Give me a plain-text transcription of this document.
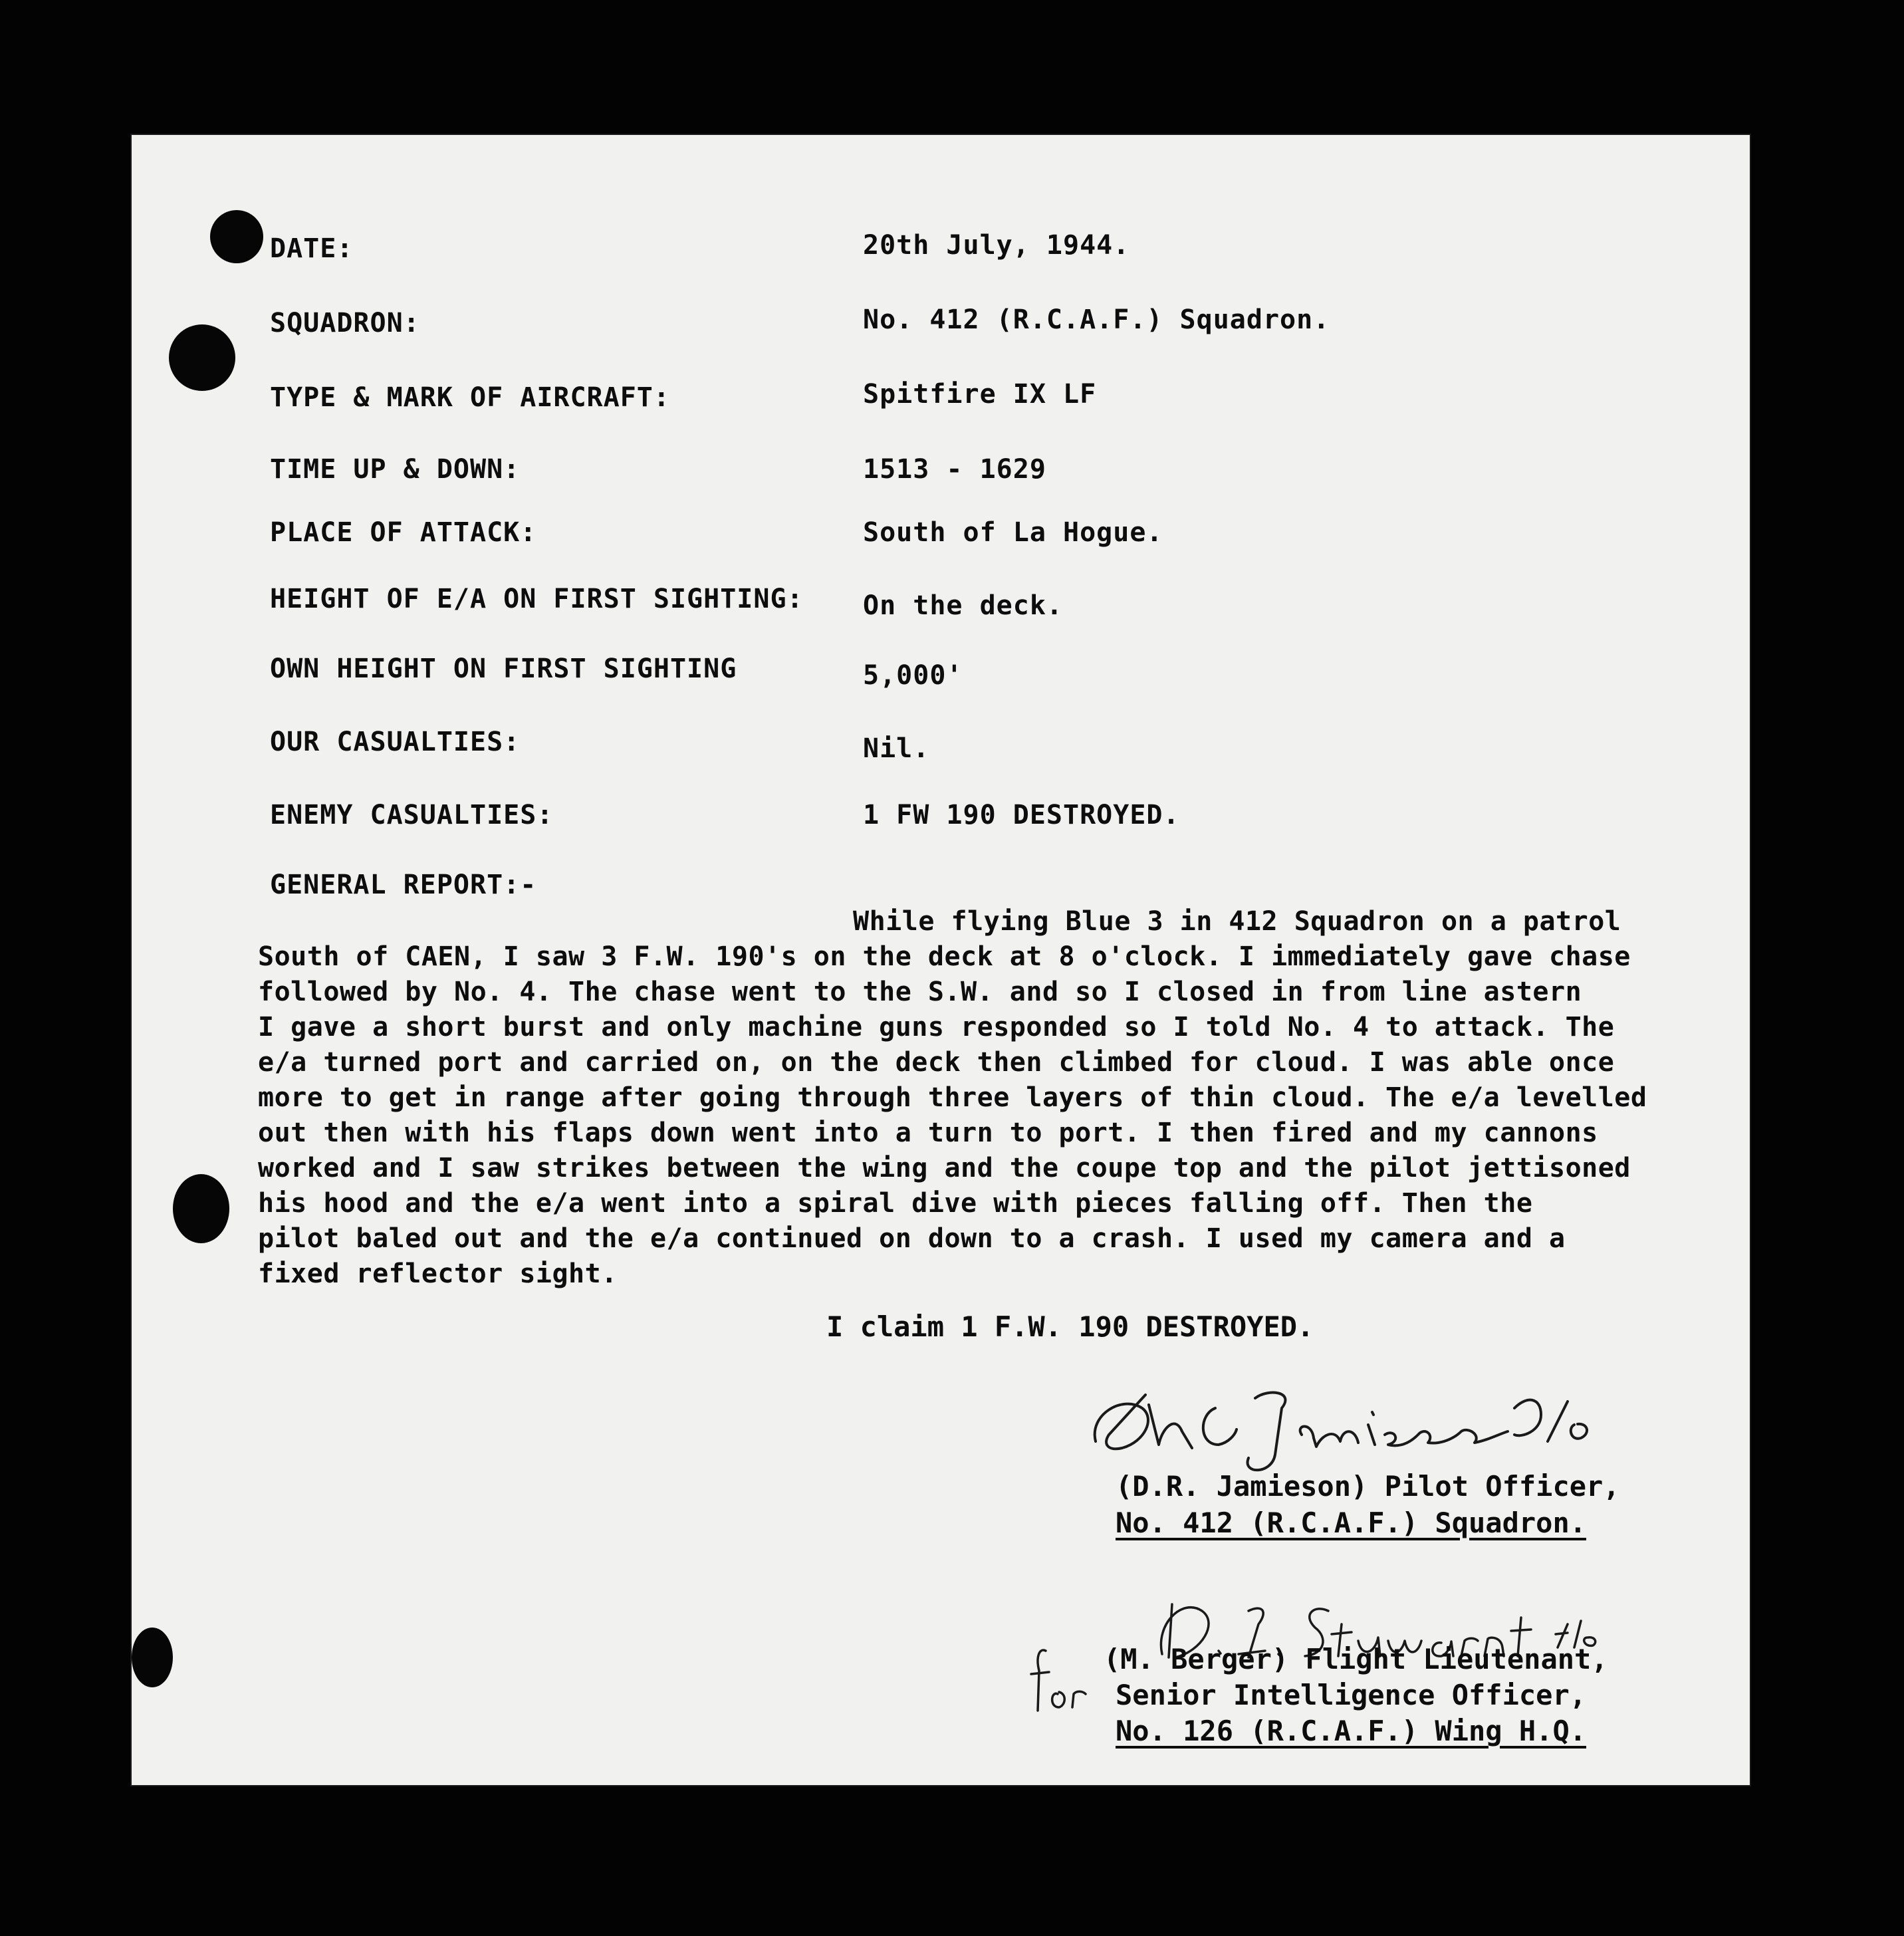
DATE:	20th July, 1944.
SQUADRON:	No. 412 (R.C.A.F.) Squadron.
TYPE & MARK OF AIRCRAFT:	Spitfire IX LF
TIME UP & DOWN:	1513 - 1629
PLACE OF ATTACK:	South of La Hogue.
HEIGHT OF E/A ON FIRST SIGHTING: On the deck.
OWN HEIGHT ON FIRST SIGHTING	5,000'
OUR CASUALTIES:	Nil.
ENEMY CASUALTIES:	1 FW 190 DESTROYED.
GENERAL REPORT:-
While flying Blue 3 in 412 Squadron on a patrol
South of CAEN, I saw 3 F.W. 190's on the deck at 8 o'clock. I immediately gave chase
followed by No. 4. The chase went to the S.W. and so I closed in from line astern
I gave a short burst and only machine guns responded so I told No. 4 to attack. The
e/a turned port and carried on, on the deck then climbed for cloud. I was able once
more to get in range after going through three layers of thin cloud. The e/a levelled
out then with his flaps down went into a turn to port. I then fired and my cannons
worked and I saw strikes between the wing and the coupe top and the pilot jettisoned
his hood and the e/a went into a spiral dive with pieces falling off. Then the
pilot baled out and the e/a continued on down to a crash. I used my camera and a
fixed reflector sight.
I claim 1 F.W. 190 DESTROYED.
(D.R. Jamieson) Pilot Officer,
No. 412 (R.C.A.F.) Squadron.
(M. Berger) Flight Lieutenant,
Senior Intelligence Officer,
No. 126 (R.C.A.F.) Wing H.Q.
